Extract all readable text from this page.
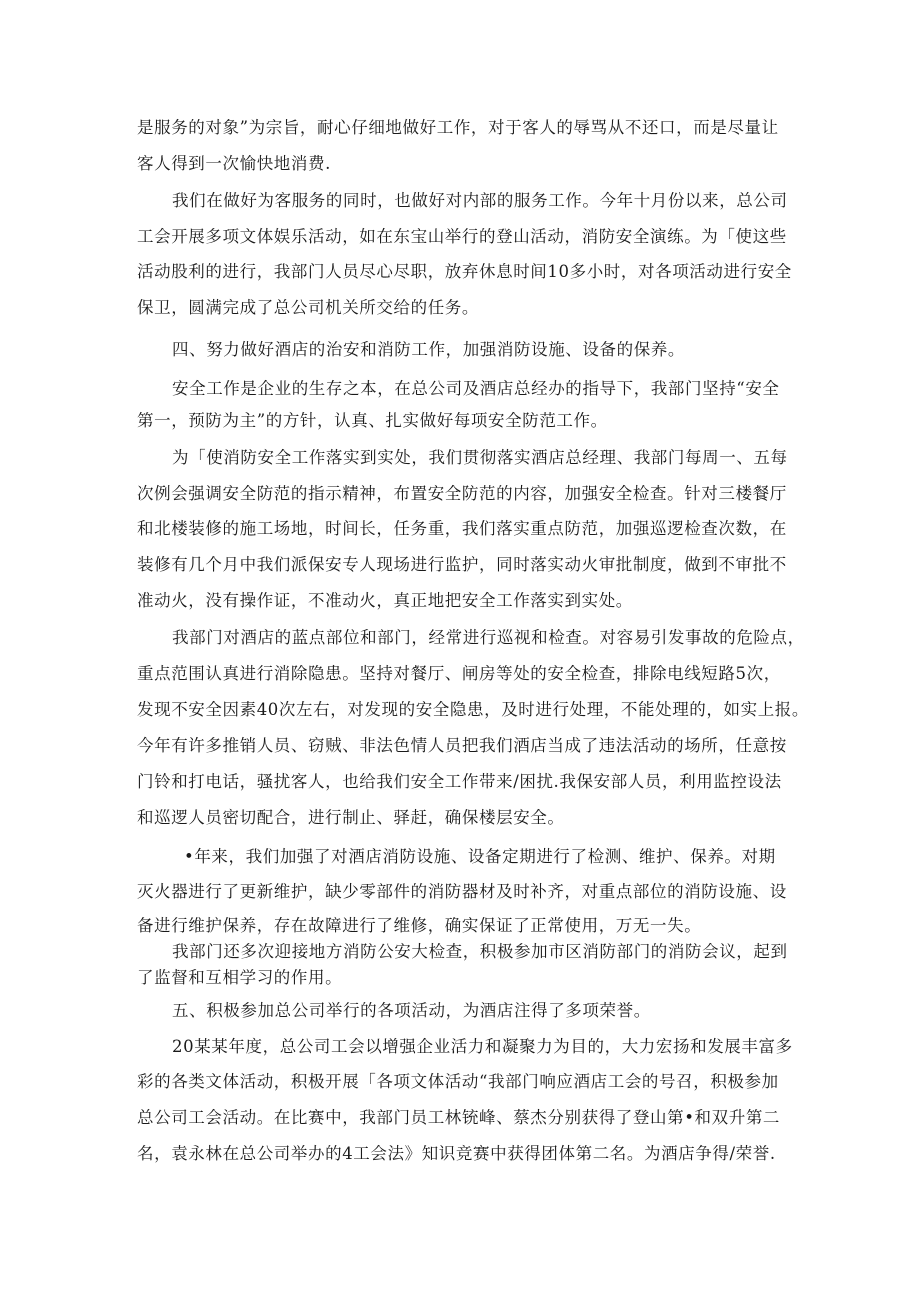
是服务的对象”为宗旨，耐心仔细地做好工作，对于客人的辱骂从不还口，而是尽量让
客人得到一次愉快地消费.
我们在做好为客服务的同时，也做好对内部的服务工作。今年十月份以来，总公司
工会开展多项文体娱乐活动，如在东宝山举行的登山活动，消防安全演练。为「使这些
活动股利的进行，我部门人员尽心尽职，放弃休息时间10多小时，对各项活动进行安全
保卫，圆满完成了总公司机关所交给的任务。
四、努力做好酒店的治安和消防工作，加强消防设施、设备的保养。
安全工作是企业的生存之本，在总公司及酒店总经办的指导下，我部门坚持“安全
第一，预防为主”的方针，认真、扎实做好每项安全防范工作。
为「使消防安全工作落实到实处，我们贯彻落实酒店总经理、我部门每周一、五每
次例会强调安全防范的指示精神，布置安全防范的内容，加强安全检查。针对三楼餐厅
和北楼装修的施工场地，时间长，任务重，我们落实重点防范，加强巡逻检查次数，在
装修有几个月中我们派保安专人现场进行监护，同时落实动火审批制度，做到不审批不
准动火，没有操作证，不准动火，真正地把安全工作落实到实处。
我部门对酒店的蓝点部位和部门，经常进行巡视和检查。对容易引发事故的危险点，
重点范围认真进行消除隐患。坚持对餐厅、闸房等处的安全检查，排除电线短路5次，
发现不安全因素40次左右，对发现的安全隐患，及时进行处理，不能处理的，如实上报。
今年有许多推销人员、窃贼、非法色情人员把我们酒店当成了违法活动的场所，任意按
门铃和打电话，骚扰客人，也给我们安全工作带来/困扰.我保安部人员，利用监控设法
和巡逻人员密切配合，进行制止、驿赶，确保楼层安全。
•年来，我们加强了对酒店消防设施、设备定期进行了检测、维护、保养。对期
灭火器进行了更新维护，缺少零部件的消防器材及时补齐，对重点部位的消防设施、设
备进行维护保养，存在故障进行了维修，确实保证了正常使用，万无一失。
我部门还多次迎接地方消防公安大检查，积极参加市区消防部门的消防会议，起到
了监督和互相学习的作用。
五、积极参加总公司举行的各项活动，为酒店注得了多项荣誉。
20某某年度，总公司工会以增强企业活力和凝聚力为目的，大力宏扬和发展丰富多
彩的各类文体活动，积极开展「各项文体活动“我部门响应酒店工会的号召，积极参加
总公司工会活动。在比赛中，我部门员工林铳峰、蔡杰分别获得了登山第•和双升第二
名，袁永林在总公司举办的4工会法》知识竞赛中获得团体第二名。为酒店争得/荣誉.
